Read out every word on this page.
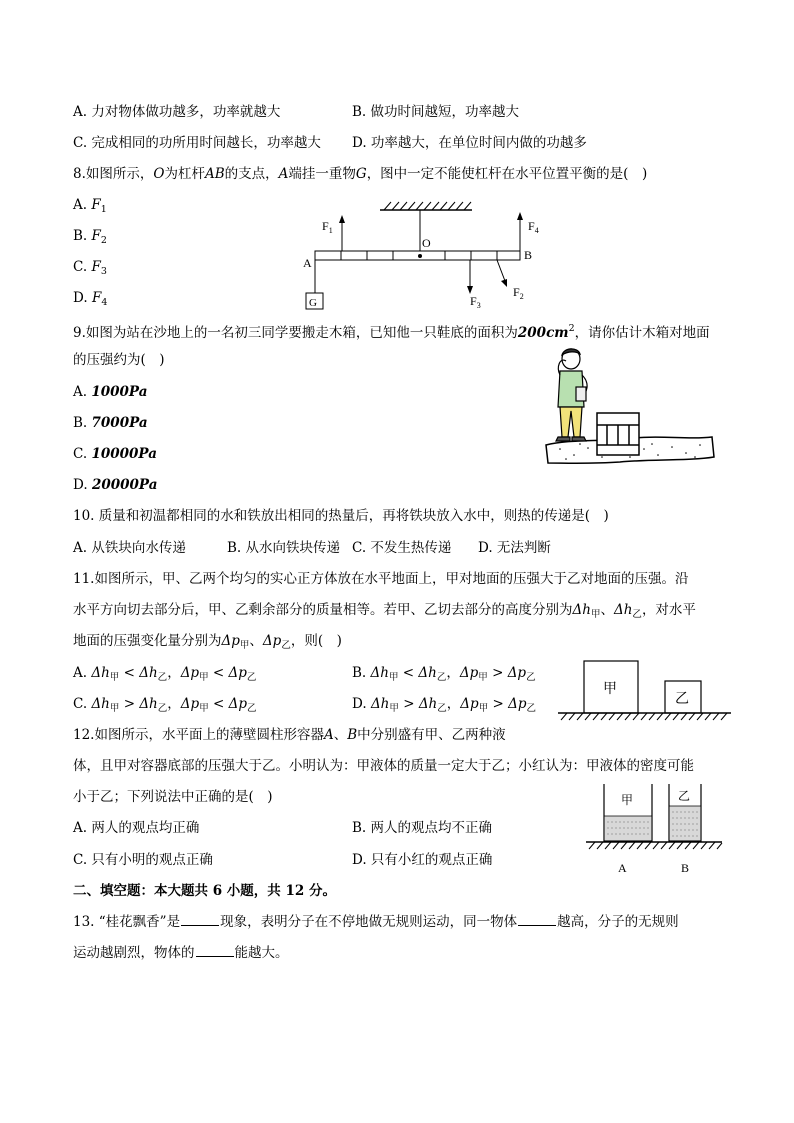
A. 力对物体做功越多，功率就越大	B. 做功时间越短，功率越大
C. 完成相同的功所用时间越长，功率越大 D. 功率越大，在单位时间内做的功越多
8.如图所示，O为杠杆AB的支点，A端挂一重物G，图中一定不能使杠杆在水平位置平衡的是(　)
A. $F_1$
B. $F_2$
C. $F_3$
D. $F_4$
O
A
B
G
$F_1$	$F_4$
$F_3$
$F_2$
9.如图为站在沙地上的一名初三同学要搬走木箱，已知他一只鞋底的面积为$200cm^2$，请你估计木箱对地面
的压强约为(　)
A. 1000Pa
B. 7000Pa
C. 10000Pa
D. 20000Pa
10. 质量和初温都相同的水和铁放出相同的热量后，再将铁块放入水中，则热的传递是(　)
A. 从铁块向水传递	B. 从水向铁块传递 C. 不发生热传递 D. 无法判断
11.如图所示，甲、乙两个均匀的实心正方体放在水平地面上，甲对地面的压强大于乙对地面的压强。沿
水平方向切去部分后，甲、乙剩余部分的质量相等。若甲、乙切去部分的高度分别为$\Delta h_甲$、$\Delta h_乙$，对水平
地面的压强变化量分别为$\Delta p_甲$、$\Delta p_乙$，则(　)
A. $\Delta h_甲 < \Delta h_乙$，$\Delta p_甲 < \Delta p_乙$	B. $\Delta h_甲 < \Delta h_乙$，$\Delta p_甲 > \Delta p_乙$
C. $\Delta h_甲 > \Delta h_乙$，$\Delta p_甲 < \Delta p_乙$	D. $\Delta h_甲 > \Delta h_乙$，$\Delta p_甲 > \Delta p_乙$
甲
乙
12.如图所示，水平面上的薄壁圆柱形容器A、B中分别盛有甲、乙两种液
体，且甲对容器底部的压强大于乙。小明认为：甲液体的质量一定大于乙；小红认为：甲液体的密度可能
小于乙；下列说法中正确的是(　)
A. 两人的观点均正确	B. 两人的观点均不正确
C. 只有小明的观点正确	D. 只有小红的观点正确
甲	乙
A	B
二、填空题：本大题共 6 小题，共 12 分。
13. “桂花飘香”是	现象，表明分子在不停地做无规则运动，同一物体	越高，分子的无规则
运动越剧烈，物体的	能越大。
